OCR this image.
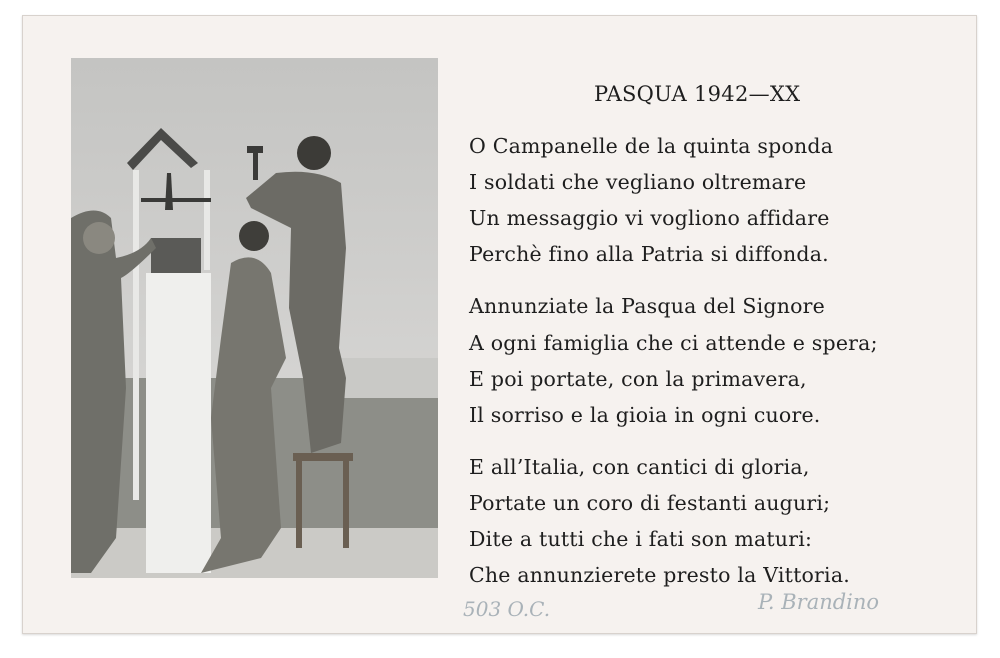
PASQUA 1942—XX
O Campanelle de la quinta sponda
I soldati che vegliano oltremare
Un messaggio vi vogliono affidare
Perchè fino alla Patria si diffonda.
Annunziate la Pasqua del Signore
A ogni famiglia che ci attende e spera;
E poi portate, con la primavera,
Il sorriso e la gioia in ogni cuore.
E all’Italia, con cantici di gloria,
Portate un coro di festanti auguri;
Dite a tutti che i fati son maturi:
Che annunzierete presto la Vittoria.
503 O.C.	P. Brandino
